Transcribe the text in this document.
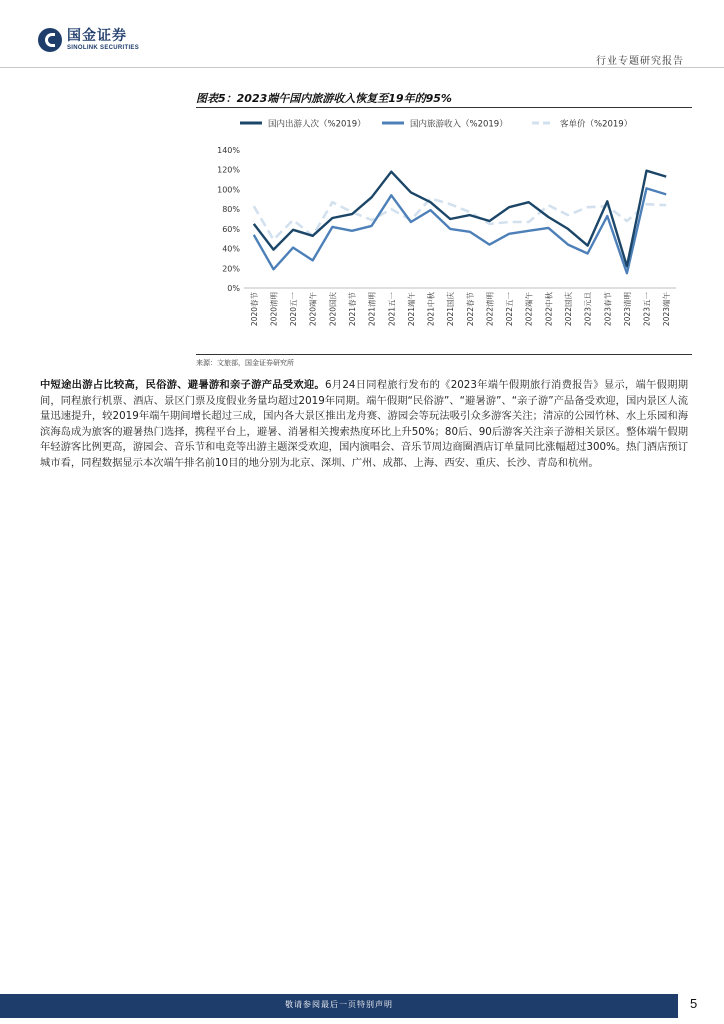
国金证券
SINOLINK SECURITIES
行业专题研究报告
图表5：2023端午国内旅游收入恢复至19年的95%
国内出游人次（%2019）	国内旅游收入（%2019）	客单价（%2019）
0%
20%
40%
60%
80%
100%
120%
140%
2020春节 2020清明 2020五一 2020端午 2020国庆 2021春节 2021清明 2021五一 2021端午 2021中秋 2021国庆 2022春节 2022清明 2022五一 2022端午 2022中秋 2022国庆 2023元旦 2023春节 2023清明 2023五一 2023端午
来源：文旅部，国金证券研究所
中短途出游占比较高，民俗游、避暑游和亲子游产品受欢迎。6月24日同程旅行发布的《2023年端午假期旅行消费报告》显示，端午假期期间，同程旅行机票、酒店、景区门票及度假业务量均超过2019年同期。端午假期“民俗游”、“避暑游”、“亲子游”产品备受欢迎，国内景区人流量迅速提升，较2019年端午期间增长超过三成，国内各大景区推出龙舟赛、游园会等玩法吸引众多游客关注；清凉的公园竹林、水上乐园和海滨海岛成为旅客的避暑热门选择，携程平台上，避暑、消暑相关搜索热度环比上升50%；80后、90后游客关注亲子游相关景区。整体端午假期年轻游客比例更高，游园会、音乐节和电竞等出游主题深受欢迎，国内演唱会、音乐节周边商圈酒店订单量同比涨幅超过300%。热门酒店预订城市看，同程数据显示本次端午排名前10目的地分别为北京、深圳、广州、成都、上海、西安、重庆、长沙、青岛和杭州。
敬请参阅最后一页特别声明	5
